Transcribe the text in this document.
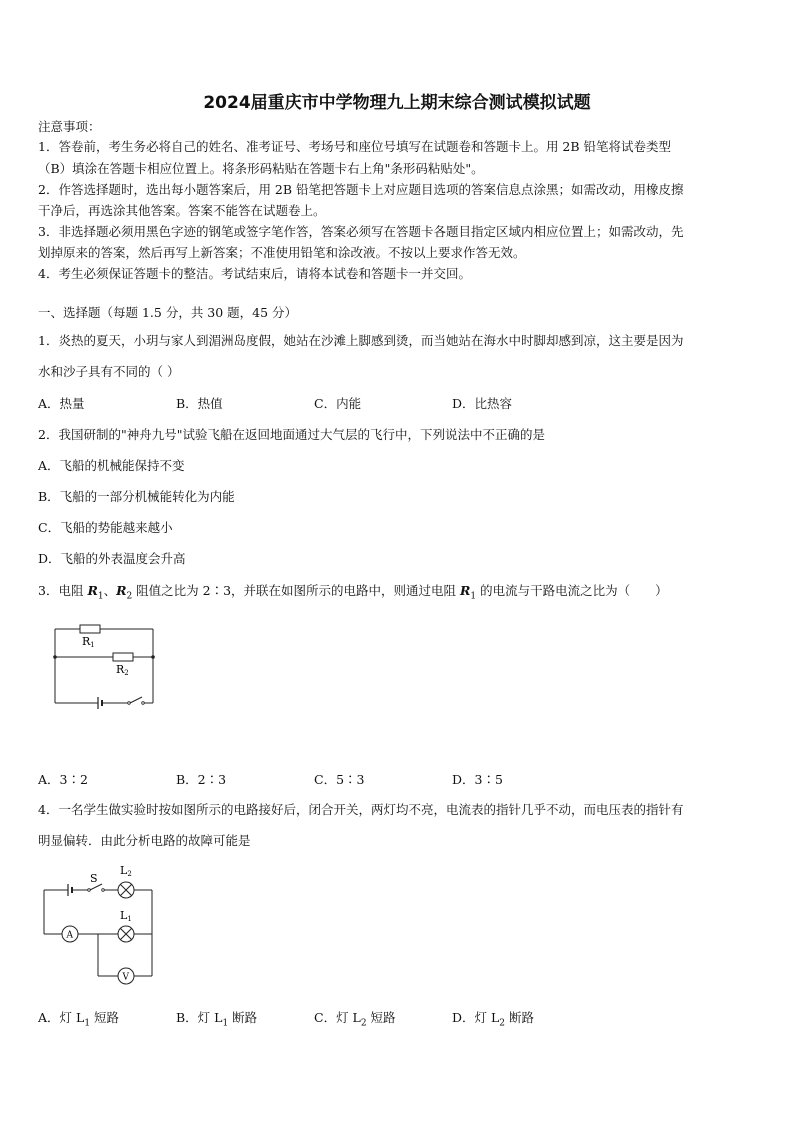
2024届重庆市中学物理九上期末综合测试模拟试题
注意事项：
1．答卷前，考生务必将自己的姓名、准考证号、考场号和座位号填写在试题卷和答题卡上。用 2B 铅笔将试卷类型
（B）填涂在答题卡相应位置上。将条形码粘贴在答题卡右上角"条形码粘贴处"。
2．作答选择题时，选出每小题答案后，用 2B 铅笔把答题卡上对应题目选项的答案信息点涂黑；如需改动，用橡皮擦
干净后，再选涂其他答案。答案不能答在试题卷上。
3．非选择题必须用黑色字迹的钢笔或签字笔作答，答案必须写在答题卡各题目指定区域内相应位置上；如需改动，先
划掉原来的答案，然后再写上新答案；不准使用铅笔和涂改液。不按以上要求作答无效。
4．考生必须保证答题卡的整洁。考试结束后，请将本试卷和答题卡一并交回。
一、选择题（每题 1.5 分，共 30 题，45 分）
1．炎热的夏天，小玥与家人到湄洲岛度假，她站在沙滩上脚感到烫，而当她站在海水中时脚却感到凉，这主要是因为
水和沙子具有不同的（ ）
A．热量	B．热值	C．内能	D．比热容
2．我国研制的"神舟九号"试验飞船在返回地面通过大气层的飞行中，下列说法中不正确的是
A．飞船的机械能保持不变
B．飞船的一部分机械能转化为内能
C．飞船的势能越来越小
D．飞船的外表温度会升高
3．电阻 $R_1$、$R_2$ 阻值之比为 2∶3，并联在如图所示的电路中，则通过电阻 $R_1$ 的电流与干路电流之比为（　　）
R1
R2
A．3∶2	B．2∶3	C．5∶3	D．3∶5
4．一名学生做实验时按如图所示的电路接好后，闭合开关，两灯均不亮，电流表的指针几乎不动，而电压表的指针有
明显偏转．由此分析电路的故障可能是
S
L2
L1
A
V
A．灯 $L_1$ 短路	B．灯 $L_1$ 断路	C．灯 $L_2$ 短路	D．灯 $L_2$ 断路
